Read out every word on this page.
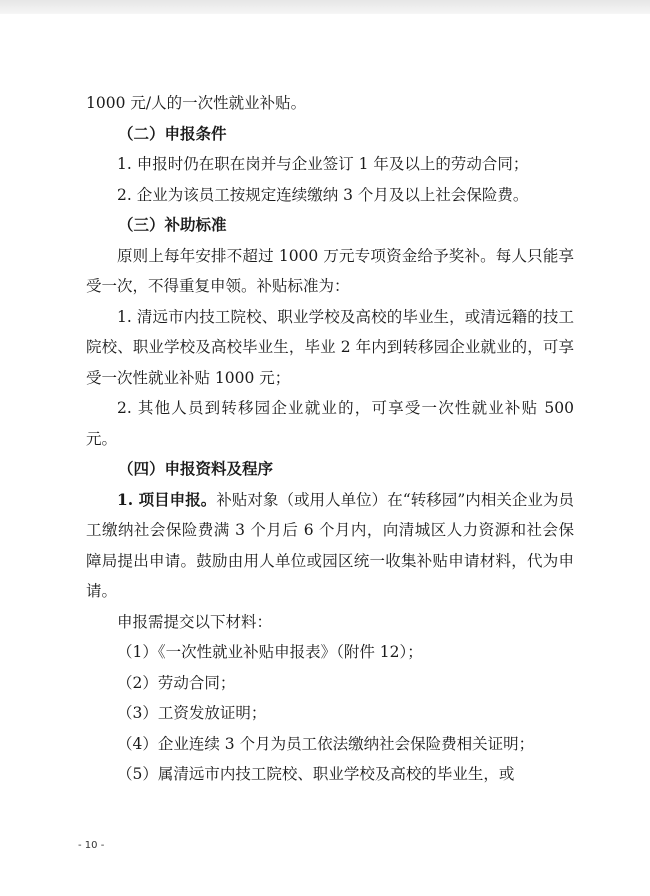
1000 元/人的一次性就业补贴。

（二）申报条件

1. 申报时仍在职在岗并与企业签订 1 年及以上的劳动合同；

2. 企业为该员工按规定连续缴纳 3 个月及以上社会保险费。

（三）补助标准

原则上每年安排不超过 1000 万元专项资金给予奖补。每人只能享受一次，不得重复申领。补贴标准为：

1. 清远市内技工院校、职业学校及高校的毕业生，或清远籍的技工院校、职业学校及高校毕业生，毕业 2 年内到转移园企业就业的，可享受一次性就业补贴 1000 元；

2. 其他人员到转移园企业就业的，可享受一次性就业补贴 500 元。

（四）申报资料及程序

1. 项目申报。补贴对象（或用人单位）在“转移园”内相关企业为员工缴纳社会保险费满 3 个月后 6 个月内，向清城区人力资源和社会保障局提出申请。鼓励由用人单位或园区统一收集补贴申请材料，代为申请。

申报需提交以下材料：

（1）《一次性就业补贴申报表》（附件 12）；

（2）劳动合同；

（3）工资发放证明；

（4）企业连续 3 个月为员工依法缴纳社会保险费相关证明；

（5）属清远市内技工院校、职业学校及高校的毕业生，或

- 10 -
